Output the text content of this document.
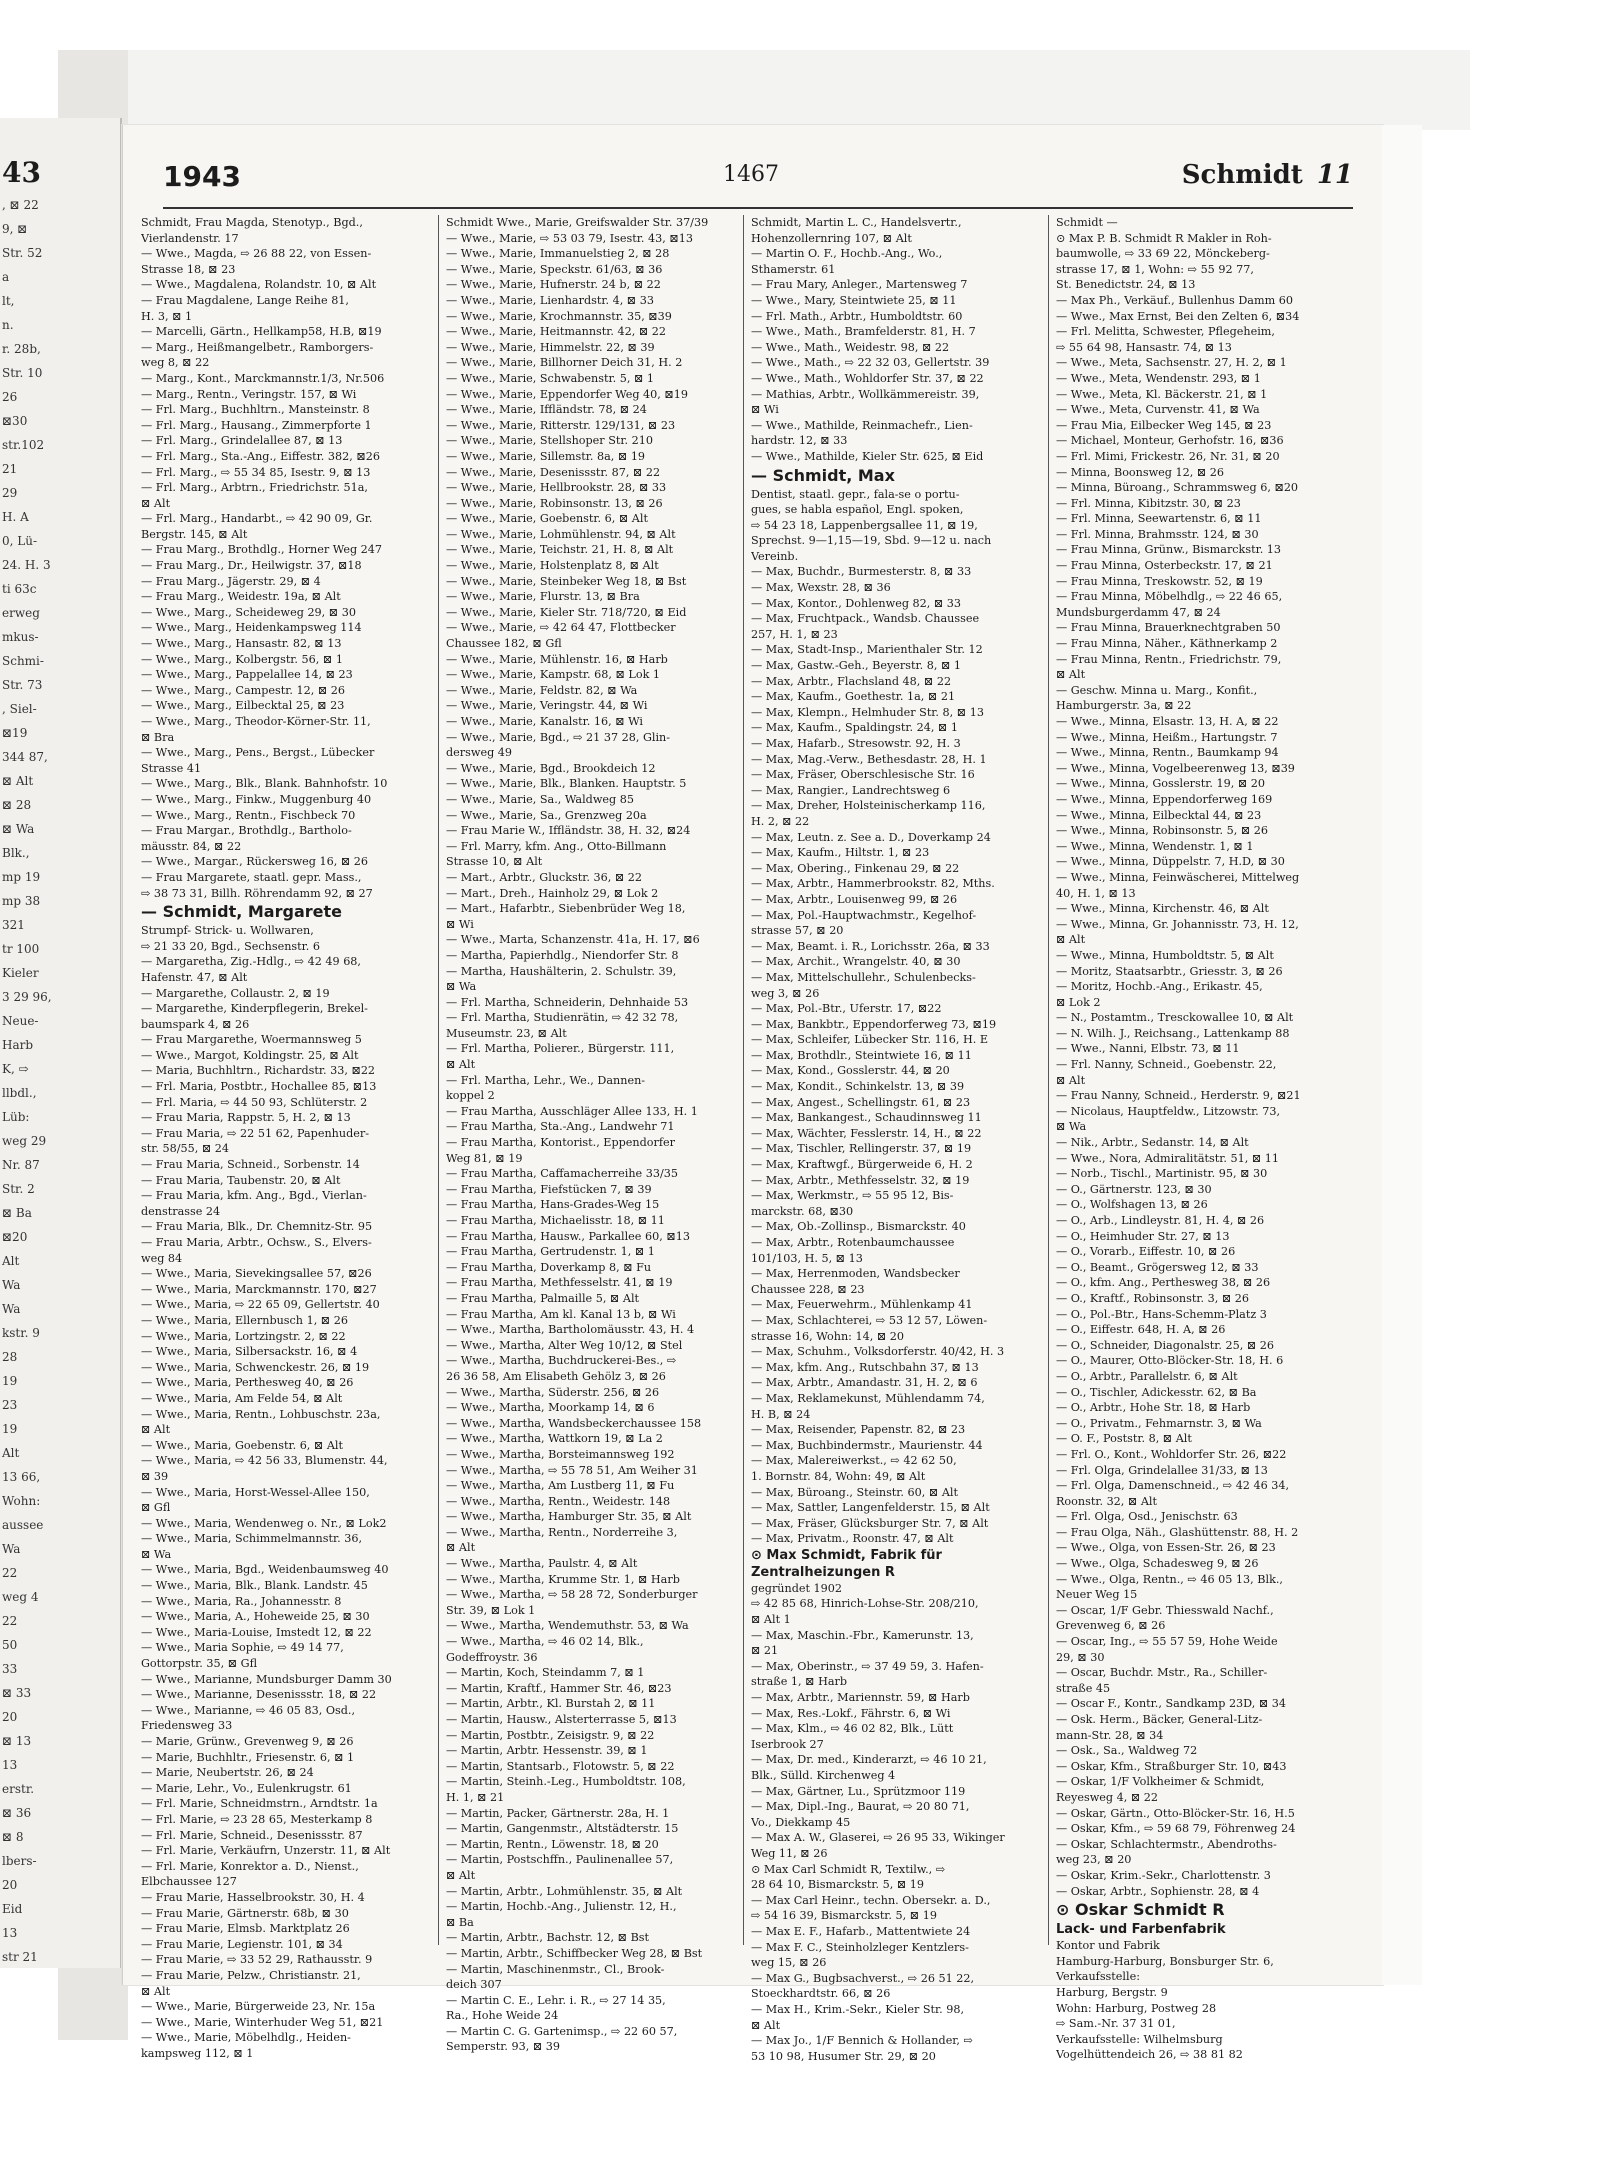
43
, ⊠ 22
9, ⊠
Str. 52
a
lt,
n.
r. 28b,
Str. 10
26
⊠30
str.102
21
29
H. A
0, Lü-
24. H. 3
ti 63c
erweg
mkus-
Schmi-
Str. 73
, Siel-
⊠19
344 87,
⊠ Alt
⊠ 28
⊠ Wa
Blk.,
mp 19
mp 38
321
tr 100
Kieler
3 29 96,
Neue-
Harb
K, ⇨
llbdl.,
Lüb:
weg 29
Nr. 87
Str. 2
⊠ Ba
⊠20
Alt
Wa
Wa
kstr. 9
28
19
23
19
Alt
13 66,
Wohn:
aussee
Wa
22
weg 4
22
50
33
⊠ 33
20
⊠ 13
13
erstr.
⊠ 36
⊠ 8
lbers-
20
Eid
13
str 21
1943	1467	Schmidt 11
Schmidt, Frau Magda, Stenotyp., Bgd.,
Vierlandenstr. 17
— Wwe., Magda, ⇨ 26 88 22, von Essen-
Strasse 18, ⊠ 23
— Wwe., Magdalena, Rolandstr. 10, ⊠ Alt
— Frau Magdalene, Lange Reihe 81,
H. 3, ⊠ 1
— Marcelli, Gärtn., Hellkamp58, H.B, ⊠19
— Marg., Heißmangelbetr., Ramborgers-
weg 8, ⊠ 22
— Marg., Kont., Marckmannstr.1/3, Nr.506
— Marg., Rentn., Veringstr. 157, ⊠ Wi
— Frl. Marg., Buchhltrn., Mansteinstr. 8
— Frl. Marg., Hausang., Zimmerpforte 1
— Frl. Marg., Grindelallee 87, ⊠ 13
— Frl. Marg., Sta.-Ang., Eiffestr. 382, ⊠26
— Frl. Marg., ⇨ 55 34 85, Isestr. 9, ⊠ 13
— Frl. Marg., Arbtrn., Friedrichstr. 51a,
⊠ Alt
— Frl. Marg., Handarbt., ⇨ 42 90 09, Gr.
Bergstr. 145, ⊠ Alt
— Frau Marg., Brothdlg., Horner Weg 247
— Frau Marg., Dr., Heilwigstr. 37, ⊠18
— Frau Marg., Jägerstr. 29, ⊠ 4
— Frau Marg., Weidestr. 19a, ⊠ Alt
— Wwe., Marg., Scheideweg 29, ⊠ 30
— Wwe., Marg., Heidenkampsweg 114
— Wwe., Marg., Hansastr. 82, ⊠ 13
— Wwe., Marg., Kolbergstr. 56, ⊠ 1
— Wwe., Marg., Pappelallee 14, ⊠ 23
— Wwe., Marg., Campestr. 12, ⊠ 26
— Wwe., Marg., Eilbecktal 25, ⊠ 23
— Wwe., Marg., Theodor-Körner-Str. 11,
⊠ Bra
— Wwe., Marg., Pens., Bergst., Lübecker
Strasse 41
— Wwe., Marg., Blk., Blank. Bahnhofstr. 10
— Wwe., Marg., Finkw., Muggenburg 40
— Wwe., Marg., Rentn., Fischbeck 70
— Frau Margar., Brothdlg., Bartholo-
mäusstr. 84, ⊠ 22
— Wwe., Margar., Rückersweg 16, ⊠ 26
— Frau Margarete, staatl. gepr. Mass.,
⇨ 38 73 31, Billh. Röhrendamm 92, ⊠ 27
— Schmidt, Margarete
Strumpf- Strick- u. Wollwaren,
⇨ 21 33 20, Bgd., Sechsenstr. 6
— Margaretha, Zig.-Hdlg., ⇨ 42 49 68,
Hafenstr. 47, ⊠ Alt
— Margarethe, Collaustr. 2, ⊠ 19
— Margarethe, Kinderpflegerin, Brekel-
baumspark 4, ⊠ 26
— Frau Margarethe, Woermannsweg 5
— Wwe., Margot, Koldingstr. 25, ⊠ Alt
— Maria, Buchhltrn., Richardstr. 33, ⊠22
— Frl. Maria, Postbtr., Hochallee 85, ⊠13
— Frl. Maria, ⇨ 44 50 93, Schlüterstr. 2
— Frau Maria, Rappstr. 5, H. 2, ⊠ 13
— Frau Maria, ⇨ 22 51 62, Papenhuder-
str. 58/55, ⊠ 24
— Frau Maria, Schneid., Sorbenstr. 14
— Frau Maria, Taubenstr. 20, ⊠ Alt
— Frau Maria, kfm. Ang., Bgd., Vierlan-
denstrasse 24
— Frau Maria, Blk., Dr. Chemnitz-Str. 95
— Frau Maria, Arbtr., Ochsw., S., Elvers-
weg 84
— Wwe., Maria, Sievekingsallee 57, ⊠26
— Wwe., Maria, Marckmannstr. 170, ⊠27
— Wwe., Maria, ⇨ 22 65 09, Gellertstr. 40
— Wwe., Maria, Ellernbusch 1, ⊠ 26
— Wwe., Maria, Lortzingstr. 2, ⊠ 22
— Wwe., Maria, Silbersackstr. 16, ⊠ 4
— Wwe., Maria, Schwenckestr. 26, ⊠ 19
— Wwe., Maria, Perthesweg 40, ⊠ 26
— Wwe., Maria, Am Felde 54, ⊠ Alt
— Wwe., Maria, Rentn., Lohbuschstr. 23a,
⊠ Alt
— Wwe., Maria, Goebenstr. 6, ⊠ Alt
— Wwe., Maria, ⇨ 42 56 33, Blumenstr. 44,
⊠ 39
— Wwe., Maria, Horst-Wessel-Allee 150,
⊠ Gfl
— Wwe., Maria, Wendenweg o. Nr., ⊠ Lok2
— Wwe., Maria, Schimmelmannstr. 36,
⊠ Wa
— Wwe., Maria, Bgd., Weidenbaumsweg 40
— Wwe., Maria, Blk., Blank. Landstr. 45
— Wwe., Maria, Ra., Johannesstr. 8
— Wwe., Maria, A., Hoheweide 25, ⊠ 30
— Wwe., Maria-Louise, Imstedt 12, ⊠ 22
— Wwe., Maria Sophie, ⇨ 49 14 77,
Gottorpstr. 35, ⊠ Gfl
— Wwe., Marianne, Mundsburger Damm 30
— Wwe., Marianne, Desenissstr. 18, ⊠ 22
— Wwe., Marianne, ⇨ 46 05 83, Osd.,
Friedensweg 33
— Marie, Grünw., Grevenweg 9, ⊠ 26
— Marie, Buchhltr., Friesenstr. 6, ⊠ 1
— Marie, Neubertstr. 26, ⊠ 24
— Marie, Lehr., Vo., Eulenkrugstr. 61
— Frl. Marie, Schneidmstrn., Arndtstr. 1a
— Frl. Marie, ⇨ 23 28 65, Mesterkamp 8
— Frl. Marie, Schneid., Desenissstr. 87
— Frl. Marie, Verkäufrn, Unzerstr. 11, ⊠ Alt
— Frl. Marie, Konrektor a. D., Nienst.,
Elbchaussee 127
— Frau Marie, Hasselbrookstr. 30, H. 4
— Frau Marie, Gärtnerstr. 68b, ⊠ 30
— Frau Marie, Elmsb. Marktplatz 26
— Frau Marie, Legienstr. 101, ⊠ 34
— Frau Marie, ⇨ 33 52 29, Rathausstr. 9
— Frau Marie, Pelzw., Christianstr. 21,
⊠ Alt
— Wwe., Marie, Bürgerweide 23, Nr. 15a
— Wwe., Marie, Winterhuder Weg 51, ⊠21
— Wwe., Marie, Möbelhdlg., Heiden-
kampsweg 112, ⊠ 1
Schmidt Wwe., Marie, Greifswalder Str. 37/39
— Wwe., Marie, ⇨ 53 03 79, Isestr. 43, ⊠13
— Wwe., Marie, Immanuelstieg 2, ⊠ 28
— Wwe., Marie, Speckstr. 61/63, ⊠ 36
— Wwe., Marie, Hufnerstr. 24 b, ⊠ 22
— Wwe., Marie, Lienhardstr. 4, ⊠ 33
— Wwe., Marie, Krochmannstr. 35, ⊠39
— Wwe., Marie, Heitmannstr. 42, ⊠ 22
— Wwe., Marie, Himmelstr. 22, ⊠ 39
— Wwe., Marie, Billhorner Deich 31, H. 2
— Wwe., Marie, Schwabenstr. 5, ⊠ 1
— Wwe., Marie, Eppendorfer Weg 40, ⊠19
— Wwe., Marie, Iffländstr. 78, ⊠ 24
— Wwe., Marie, Ritterstr. 129/131, ⊠ 23
— Wwe., Marie, Stellshoper Str. 210
— Wwe., Marie, Sillemstr. 8a, ⊠ 19
— Wwe., Marie, Desenissstr. 87, ⊠ 22
— Wwe., Marie, Hellbrookstr. 28, ⊠ 33
— Wwe., Marie, Robinsonstr. 13, ⊠ 26
— Wwe., Marie, Goebenstr. 6, ⊠ Alt
— Wwe., Marie, Lohmühlenstr. 94, ⊠ Alt
— Wwe., Marie, Teichstr. 21, H. 8, ⊠ Alt
— Wwe., Marie, Holstenplatz 8, ⊠ Alt
— Wwe., Marie, Steinbeker Weg 18, ⊠ Bst
— Wwe., Marie, Flurstr. 13, ⊠ Bra
— Wwe., Marie, Kieler Str. 718/720, ⊠ Eid
— Wwe., Marie, ⇨ 42 64 47, Flottbecker
Chaussee 182, ⊠ Gfl
— Wwe., Marie, Mühlenstr. 16, ⊠ Harb
— Wwe., Marie, Kampstr. 68, ⊠ Lok 1
— Wwe., Marie, Feldstr. 82, ⊠ Wa
— Wwe., Marie, Veringstr. 44, ⊠ Wi
— Wwe., Marie, Kanalstr. 16, ⊠ Wi
— Wwe., Marie, Bgd., ⇨ 21 37 28, Glin-
dersweg 49
— Wwe., Marie, Bgd., Brookdeich 12
— Wwe., Marie, Blk., Blanken. Hauptstr. 5
— Wwe., Marie, Sa., Waldweg 85
— Wwe., Marie, Sa., Grenzweg 20a
— Frau Marie W., Iffländstr. 38, H. 32, ⊠24
— Frl. Marry, kfm. Ang., Otto-Billmann
Strasse 10, ⊠ Alt
— Mart., Arbtr., Gluckstr. 36, ⊠ 22
— Mart., Dreh., Hainholz 29, ⊠ Lok 2
— Mart., Hafarbtr., Siebenbrüder Weg 18,
⊠ Wi
— Wwe., Marta, Schanzenstr. 41a, H. 17, ⊠6
— Martha, Papierhdlg., Niendorfer Str. 8
— Martha, Haushälterin, 2. Schulstr. 39,
⊠ Wa
— Frl. Martha, Schneiderin, Dehnhaide 53
— Frl. Martha, Studienrätin, ⇨ 42 32 78,
Museumstr. 23, ⊠ Alt
— Frl. Martha, Polierer., Bürgerstr. 111,
⊠ Alt
— Frl. Martha, Lehr., We., Dannen-
koppel 2
— Frau Martha, Ausschläger Allee 133, H. 1
— Frau Martha, Sta.-Ang., Landwehr 71
— Frau Martha, Kontorist., Eppendorfer
Weg 81, ⊠ 19
— Frau Martha, Caffamacherreihe 33/35
— Frau Martha, Fiefstücken 7, ⊠ 39
— Frau Martha, Hans-Grades-Weg 15
— Frau Martha, Michaelisstr. 18, ⊠ 11
— Frau Martha, Hausw., Parkallee 60, ⊠13
— Frau Martha, Gertrudenstr. 1, ⊠ 1
— Frau Martha, Doverkamp 8, ⊠ Fu
— Frau Martha, Methfesselstr. 41, ⊠ 19
— Frau Martha, Palmaille 5, ⊠ Alt
— Frau Martha, Am kl. Kanal 13 b, ⊠ Wi
— Wwe., Martha, Bartholomäusstr. 43, H. 4
— Wwe., Martha, Alter Weg 10/12, ⊠ Stel
— Wwe., Martha, Buchdruckerei-Bes., ⇨
26 36 58, Am Elisabeth Gehölz 3, ⊠ 26
— Wwe., Martha, Süderstr. 256, ⊠ 26
— Wwe., Martha, Moorkamp 14, ⊠ 6
— Wwe., Martha, Wandsbeckerchaussee 158
— Wwe., Martha, Wattkorn 19, ⊠ La 2
— Wwe., Martha, Borsteimannsweg 192
— Wwe., Martha, ⇨ 55 78 51, Am Weiher 31
— Wwe., Martha, Am Lustberg 11, ⊠ Fu
— Wwe., Martha, Rentn., Weidestr. 148
— Wwe., Martha, Hamburger Str. 35, ⊠ Alt
— Wwe., Martha, Rentn., Norderreihe 3,
⊠ Alt
— Wwe., Martha, Paulstr. 4, ⊠ Alt
— Wwe., Martha, Krumme Str. 1, ⊠ Harb
— Wwe., Martha, ⇨ 58 28 72, Sonderburger
Str. 39, ⊠ Lok 1
— Wwe., Martha, Wendemuthstr. 53, ⊠ Wa
— Wwe., Martha, ⇨ 46 02 14, Blk.,
Godeffroystr. 36
— Martin, Koch, Steindamm 7, ⊠ 1
— Martin, Kraftf., Hammer Str. 46, ⊠23
— Martin, Arbtr., Kl. Burstah 2, ⊠ 11
— Martin, Hausw., Alsterterrasse 5, ⊠13
— Martin, Postbtr., Zeisigstr. 9, ⊠ 22
— Martin, Arbtr. Hessenstr. 39, ⊠ 1
— Martin, Stantsarb., Flotowstr. 5, ⊠ 22
— Martin, Steinh.-Leg., Humboldtstr. 108,
H. 1, ⊠ 21
— Martin, Packer, Gärtnerstr. 28a, H. 1
— Martin, Gangenmstr., Altstädterstr. 15
— Martin, Rentn., Löwenstr. 18, ⊠ 20
— Martin, Postschffn., Paulinenallee 57,
⊠ Alt
— Martin, Arbtr., Lohmühlenstr. 35, ⊠ Alt
— Martin, Hochb.-Ang., Julienstr. 12, H.,
⊠ Ba
— Martin, Arbtr., Bachstr. 12, ⊠ Bst
— Martin, Arbtr., Schiffbecker Weg 28, ⊠ Bst
— Martin, Maschinenmstr., Cl., Brook-
deich 307
— Martin C. E., Lehr. i. R., ⇨ 27 14 35,
Ra., Hohe Weide 24
— Martin C. G. Gartenimsp., ⇨ 22 60 57,
Semperstr. 93, ⊠ 39
Schmidt, Martin L. C., Handelsvertr.,
Hohenzollernring 107, ⊠ Alt
— Martin O. F., Hochb.-Ang., Wo.,
Sthamerstr. 61
— Frau Mary, Anleger., Martensweg 7
— Wwe., Mary, Steintwiete 25, ⊠ 11
— Frl. Math., Arbtr., Humboldtstr. 60
— Wwe., Math., Bramfelderstr. 81, H. 7
— Wwe., Math., Weidestr. 98, ⊠ 22
— Wwe., Math., ⇨ 22 32 03, Gellertstr. 39
— Wwe., Math., Wohldorfer Str. 37, ⊠ 22
— Mathias, Arbtr., Wollkämmereistr. 39,
⊠ Wi
— Wwe., Mathilde, Reinmachefr., Lien-
hardstr. 12, ⊠ 33
— Wwe., Mathilde, Kieler Str. 625, ⊠ Eid
— Schmidt, Max
Dentist, staatl. gepr., fala-se o portu-
gues, se habla español, Engl. spoken,
⇨ 54 23 18, Lappenbergsallee 11, ⊠ 19,
Sprechst. 9—1,15—19, Sbd. 9—12 u. nach
Vereinb.
— Max, Buchdr., Burmesterstr. 8, ⊠ 33
— Max, Wexstr. 28, ⊠ 36
— Max, Kontor., Dohlenweg 82, ⊠ 33
— Max, Fruchtpack., Wandsb. Chaussee
257, H. 1, ⊠ 23
— Max, Stadt-Insp., Marienthaler Str. 12
— Max, Gastw.-Geh., Beyerstr. 8, ⊠ 1
— Max, Arbtr., Flachsland 48, ⊠ 22
— Max, Kaufm., Goethestr. 1a, ⊠ 21
— Max, Klempn., Helmhuder Str. 8, ⊠ 13
— Max, Kaufm., Spaldingstr. 24, ⊠ 1
— Max, Hafarb., Stresowstr. 92, H. 3
— Max, Mag.-Verw., Bethesdastr. 28, H. 1
— Max, Fräser, Oberschlesische Str. 16
— Max, Rangier., Landrechtsweg 6
— Max, Dreher, Holsteinischerkamp 116,
H. 2, ⊠ 22
— Max, Leutn. z. See a. D., Doverkamp 24
— Max, Kaufm., Hiltstr. 1, ⊠ 23
— Max, Obering., Finkenau 29, ⊠ 22
— Max, Arbtr., Hammerbrookstr. 82, Mths.
— Max, Arbtr., Louisenweg 99, ⊠ 26
— Max, Pol.-Hauptwachmstr., Kegelhof-
strasse 57, ⊠ 20
— Max, Beamt. i. R., Lorichsstr. 26a, ⊠ 33
— Max, Archit., Wrangelstr. 40, ⊠ 30
— Max, Mittelschullehr., Schulenbecks-
weg 3, ⊠ 26
— Max, Pol.-Btr., Uferstr. 17, ⊠22
— Max, Bankbtr., Eppendorferweg 73, ⊠19
— Max, Schleifer, Lübecker Str. 116, H. E
— Max, Brothdlr., Steintwiete 16, ⊠ 11
— Max, Kond., Gosslerstr. 44, ⊠ 20
— Max, Kondit., Schinkelstr. 13, ⊠ 39
— Max, Angest., Schellingstr. 61, ⊠ 23
— Max, Bankangest., Schaudinnsweg 11
— Max, Wächter, Fesslerstr. 14, H., ⊠ 22
— Max, Tischler, Rellingerstr. 37, ⊠ 19
— Max, Kraftwgf., Bürgerweide 6, H. 2
— Max, Arbtr., Methfesselstr. 32, ⊠ 19
— Max, Werkmstr., ⇨ 55 95 12, Bis-
marckstr. 68, ⊠30
— Max, Ob.-Zollinsp., Bismarckstr. 40
— Max, Arbtr., Rotenbaumchaussee
101/103, H. 5, ⊠ 13
— Max, Herrenmoden, Wandsbecker
Chaussee 228, ⊠ 23
— Max, Feuerwehrm., Mühlenkamp 41
— Max, Schlachterei, ⇨ 53 12 57, Löwen-
strasse 16, Wohn: 14, ⊠ 20
— Max, Schuhm., Volksdorferstr. 40/42, H. 3
— Max, kfm. Ang., Rutschbahn 37, ⊠ 13
— Max, Arbtr., Amandastr. 31, H. 2, ⊠ 6
— Max, Reklamekunst, Mühlendamm 74,
H. B, ⊠ 24
— Max, Reisender, Papenstr. 82, ⊠ 23
— Max, Buchbindermstr., Maurienstr. 44
— Max, Malereiwerkst., ⇨ 42 62 50,
1. Bornstr. 84, Wohn: 49, ⊠ Alt
— Max, Büroang., Steinstr. 60, ⊠ Alt
— Max, Sattler, Langenfelderstr. 15, ⊠ Alt
— Max, Fräser, Glücksburger Str. 7, ⊠ Alt
— Max, Privatm., Roonstr. 47, ⊠ Alt
⊙ Max Schmidt, Fabrik für
Zentralheizungen R
gegründet 1902
⇨ 42 85 68, Hinrich-Lohse-Str. 208/210,
⊠ Alt 1
— Max, Maschin.-Fbr., Kamerunstr. 13,
⊠ 21
— Max, Oberinstr., ⇨ 37 49 59, 3. Hafen-
straße 1, ⊠ Harb
— Max, Arbtr., Mariennstr. 59, ⊠ Harb
— Max, Res.-Lokf., Fährstr. 6, ⊠ Wi
— Max, Klm., ⇨ 46 02 82, Blk., Lütt
Iserbrook 27
— Max, Dr. med., Kinderarzt, ⇨ 46 10 21,
Blk., Sülld. Kirchenweg 4
— Max, Gärtner, Lu., Sprützmoor 119
— Max, Dipl.-Ing., Baurat, ⇨ 20 80 71,
Vo., Diekkamp 45
— Max A. W., Glaserei, ⇨ 26 95 33, Wikinger
Weg 11, ⊠ 26
⊙ Max Carl Schmidt R, Textilw., ⇨
28 64 10, Bismarckstr. 5, ⊠ 19
— Max Carl Heinr., techn. Obersekr. a. D.,
⇨ 54 16 39, Bismarckstr. 5, ⊠ 19
— Max E. F., Hafarb., Mattentwiete 24
— Max F. C., Steinholzleger Kentzlers-
weg 15, ⊠ 26
— Max G., Bugbsachverst., ⇨ 26 51 22,
Stoeckhardtstr. 66, ⊠ 26
— Max H., Krim.-Sekr., Kieler Str. 98,
⊠ Alt
— Max Jo., 1/F Bennich & Hollander, ⇨
53 10 98, Husumer Str. 29, ⊠ 20
Schmidt —
⊙ Max P. B. Schmidt R Makler in Roh-
baumwolle, ⇨ 33 69 22, Mönckeberg-
strasse 17, ⊠ 1, Wohn: ⇨ 55 92 77,
St. Benedictstr. 24, ⊠ 13
— Max Ph., Verkäuf., Bullenhus Damm 60
— Wwe., Max Ernst, Bei den Zelten 6, ⊠34
— Frl. Melitta, Schwester, Pflegeheim,
⇨ 55 64 98, Hansastr. 74, ⊠ 13
— Wwe., Meta, Sachsenstr. 27, H. 2, ⊠ 1
— Wwe., Meta, Wendenstr. 293, ⊠ 1
— Wwe., Meta, Kl. Bäckerstr. 21, ⊠ 1
— Wwe., Meta, Curvenstr. 41, ⊠ Wa
— Frau Mia, Eilbecker Weg 145, ⊠ 23
— Michael, Monteur, Gerhofstr. 16, ⊠36
— Frl. Mimi, Frickestr. 26, Nr. 31, ⊠ 20
— Minna, Boonsweg 12, ⊠ 26
— Minna, Büroang., Schrammsweg 6, ⊠20
— Frl. Minna, Kibitzstr. 30, ⊠ 23
— Frl. Minna, Seewartenstr. 6, ⊠ 11
— Frl. Minna, Brahmsstr. 124, ⊠ 30
— Frau Minna, Grünw., Bismarckstr. 13
— Frau Minna, Osterbeckstr. 17, ⊠ 21
— Frau Minna, Treskowstr. 52, ⊠ 19
— Frau Minna, Möbelhdlg., ⇨ 22 46 65,
Mundsburgerdamm 47, ⊠ 24
— Frau Minna, Brauerknechtgraben 50
— Frau Minna, Näher., Käthnerkamp 2
— Frau Minna, Rentn., Friedrichstr. 79,
⊠ Alt
— Geschw. Minna u. Marg., Konfit.,
Hamburgerstr. 3a, ⊠ 22
— Wwe., Minna, Elsastr. 13, H. A, ⊠ 22
— Wwe., Minna, Heißm., Hartungstr. 7
— Wwe., Minna, Rentn., Baumkamp 94
— Wwe., Minna, Vogelbeerenweg 13, ⊠39
— Wwe., Minna, Gosslerstr. 19, ⊠ 20
— Wwe., Minna, Eppendorferweg 169
— Wwe., Minna, Eilbecktal 44, ⊠ 23
— Wwe., Minna, Robinsonstr. 5, ⊠ 26
— Wwe., Minna, Wendenstr. 1, ⊠ 1
— Wwe., Minna, Düppelstr. 7, H.D, ⊠ 30
— Wwe., Minna, Feinwäscherei, Mittelweg
40, H. 1, ⊠ 13
— Wwe., Minna, Kirchenstr. 46, ⊠ Alt
— Wwe., Minna, Gr. Johannisstr. 73, H. 12,
⊠ Alt
— Wwe., Minna, Humboldtstr. 5, ⊠ Alt
— Moritz, Staatsarbtr., Griesstr. 3, ⊠ 26
— Moritz, Hochb.-Ang., Erikastr. 45,
⊠ Lok 2
— N., Postamtm., Tresckowallee 10, ⊠ Alt
— N. Wilh. J., Reichsang., Lattenkamp 88
— Wwe., Nanni, Elbstr. 73, ⊠ 11
— Frl. Nanny, Schneid., Goebenstr. 22,
⊠ Alt
— Frau Nanny, Schneid., Herderstr. 9, ⊠21
— Nicolaus, Hauptfeldw., Litzowstr. 73,
⊠ Wa
— Nik., Arbtr., Sedanstr. 14, ⊠ Alt
— Wwe., Nora, Admiralitätstr. 51, ⊠ 11
— Norb., Tischl., Martinistr. 95, ⊠ 30
— O., Gärtnerstr. 123, ⊠ 30
— O., Wolfshagen 13, ⊠ 26
— O., Arb., Lindleystr. 81, H. 4, ⊠ 26
— O., Heimhuder Str. 27, ⊠ 13
— O., Vorarb., Eiffestr. 10, ⊠ 26
— O., Beamt., Grögersweg 12, ⊠ 33
— O., kfm. Ang., Perthesweg 38, ⊠ 26
— O., Kraftf., Robinsonstr. 3, ⊠ 26
— O., Pol.-Btr., Hans-Schemm-Platz 3
— O., Eiffestr. 648, H. A, ⊠ 26
— O., Schneider, Diagonalstr. 25, ⊠ 26
— O., Maurer, Otto-Blöcker-Str. 18, H. 6
— O., Arbtr., Parallelstr. 6, ⊠ Alt
— O., Tischler, Adickesstr. 62, ⊠ Ba
— O., Arbtr., Hohe Str. 18, ⊠ Harb
— O., Privatm., Fehmarnstr. 3, ⊠ Wa
— O. F., Poststr. 8, ⊠ Alt
— Frl. O., Kont., Wohldorfer Str. 26, ⊠22
— Frl. Olga, Grindelallee 31/33, ⊠ 13
— Frl. Olga, Damenschneid., ⇨ 42 46 34,
Roonstr. 32, ⊠ Alt
— Frl. Olga, Osd., Jenischstr. 63
— Frau Olga, Näh., Glashüttenstr. 88, H. 2
— Wwe., Olga, von Essen-Str. 26, ⊠ 23
— Wwe., Olga, Schadesweg 9, ⊠ 26
— Wwe., Olga, Rentn., ⇨ 46 05 13, Blk.,
Neuer Weg 15
— Oscar, 1/F Gebr. Thiesswald Nachf.,
Grevenweg 6, ⊠ 26
— Oscar, Ing., ⇨ 55 57 59, Hohe Weide
29, ⊠ 30
— Oscar, Buchdr. Mstr., Ra., Schiller-
straße 45
— Oscar F., Kontr., Sandkamp 23D, ⊠ 34
— Osk. Herm., Bäcker, General-Litz-
mann-Str. 28, ⊠ 34
— Osk., Sa., Waldweg 72
— Oskar, Kfm., Straßburger Str. 10, ⊠43
— Oskar, 1/F Volkheimer & Schmidt,
Reyesweg 4, ⊠ 22
— Oskar, Gärtn., Otto-Blöcker-Str. 16, H.5
— Oskar, Kfm., ⇨ 59 68 79, Föhrenweg 24
— Oskar, Schlachtermstr., Abendroths-
weg 23, ⊠ 20
— Oskar, Krim.-Sekr., Charlottenstr. 3
— Oskar, Arbtr., Sophienstr. 28, ⊠ 4
⊙ Oskar Schmidt R
Lack- und Farbenfabrik
Kontor und Fabrik
Hamburg-Harburg, Bonsburger Str. 6,
Verkaufsstelle:
Harburg, Bergstr. 9
Wohn: Harburg, Postweg 28
⇨ Sam.-Nr. 37 31 01,
Verkaufsstelle: Wilhelmsburg
Vogelhüttendeich 26, ⇨ 38 81 82
